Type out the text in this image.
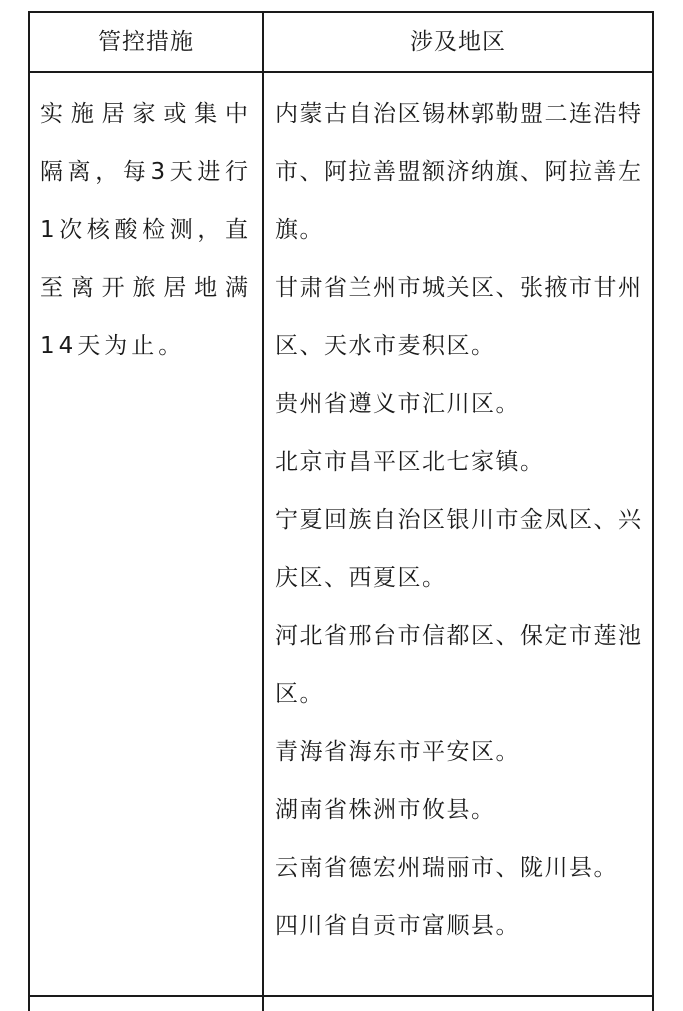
管控措施	涉及地区
实施居家或集中隔离，每3天进行1次核酸检测，直至离开旅居地满14天为止。
内蒙古自治区锡林郭勒盟二连浩特市、阿拉善盟额济纳旗、阿拉善左旗。
甘肃省兰州市城关区、张掖市甘州区、天水市麦积区。
贵州省遵义市汇川区。
北京市昌平区北七家镇。
宁夏回族自治区银川市金凤区、兴庆区、西夏区。
河北省邢台市信都区、保定市莲池区。
青海省海东市平安区。
湖南省株洲市攸县。
云南省德宏州瑞丽市、陇川县。
四川省自贡市富顺县。
